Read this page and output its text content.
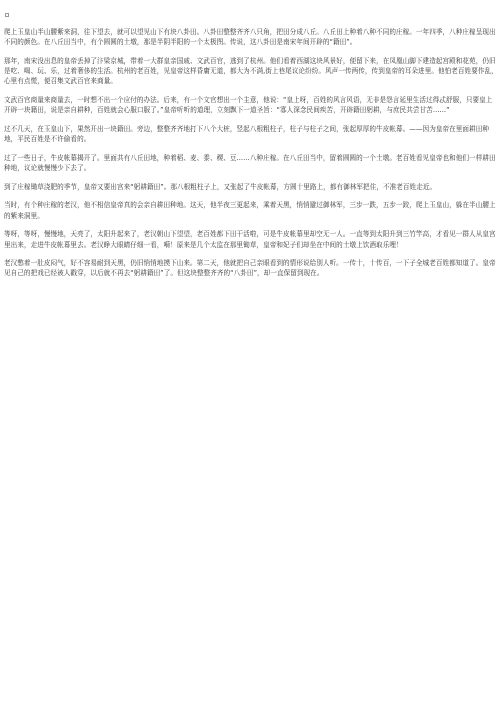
爬上玉皇山半山腰紫来洞，往下望去，就可以望见山下有块八卦田。八卦田整整齐齐八只角，把田分成八丘。八丘田上种着八种不同的庄稼。一年四季，八种庄稼呈现出不同的颜色。在八丘田当中，有个圆圆的土墩，那是半阴半阳的一个太极图。传说，这八卦田是南宋年间开辟的“籍田”。

那年，南宋没出息的皇帝丢掉了汴梁京城，带着一大群皇亲国戚、文武百官，逃到了杭州。他们看着西湖这块风景好，便留下来，在凤凰山脚下建造起宫殿和花苑，仍旧是吃、喝、玩、乐，过着奢侈的生活。杭州的老百姓，见皇帝这样昏庸无道，都大为不满,街上巷尾议论纷纷。风声一传两传，传到皇帝的耳朵进里。他怕老百姓要作乱，心里有点慌，便召集文武百官来商量。

文武百官商量来商量去，一时想不出一个应付的办法。后来，有一个文官想出一个主意，他说：“皇上呀，百姓的风言风语，无非是怨言延里生活过得忒舒服，只要皇上开辟一块籍田，说是亲自耕种，百姓就会心服口服了。”皇帝听听的道理，立刻飘下一道圣旨：“寡人深念民间疾苦，开辟籍田躬耕，与庶民共尝甘苦……”

过不几天，在玉皇山下，果然开出一块籍田。旁边，整整齐齐地打下八个大桩，竖起八根粗柱子，柱子与柱子之间，张起厚厚的牛皮帐幕。——因为皇帝在里面耕田种地，平民百姓是不许偷看的。

过了一些日子，牛皮帐幕揭开了。里面共有八丘田地，种着稻、麦、黍、稷、豆……八种庄稼。在八丘田当中，留着圆圆的一个土墩。老百姓看见皇帝也和他们一样耕田种地，议论就慢慢少下去了。

到了庄稼锄草浇肥的季节，皇帝又要出宫来“躬耕籍田”。那八根粗柱子上，又张起了牛皮帐幕，方圆十里路上，都有御林军把住，不准老百姓走近。

当时，有个种庄稼的老汉，他不相信皇帝真的会亲自耕田种地。这天，他半夜三更起来，乘着天黑，悄悄避过御林军，三步一跌，五步一跤，爬上玉皇山，躲在半山腰上的紫来洞里。

等呀，等呀，慢慢地，天亮了，太阳升起来了，老汉朝山下望望，老百姓都下田干活啦，可是牛皮帐幕里却空无一人。一直等到太阳升到三竹竿高，才看见一群人从皇宫里出来，走进牛皮帐幕里去。老汉睁大眼睛仔细一看，嗬！原来是几个太监在那里锄草，皇帝和妃子们却坐在中间的土墩上饮酒取乐哩！

老汉憋着一肚皮闷气，好不容易耐到天黑，仍旧悄悄地摸下山来。第二天，他就把自己亲眼看到的情形说给别人听。一传十，十传百，一下子全城老百姓都知道了。皇帝见自己的把戏已经被人戳穿，以后就不再去“躬耕籍田”了。但这块整整齐齐的“八卦田”，却一直保留到现在。
